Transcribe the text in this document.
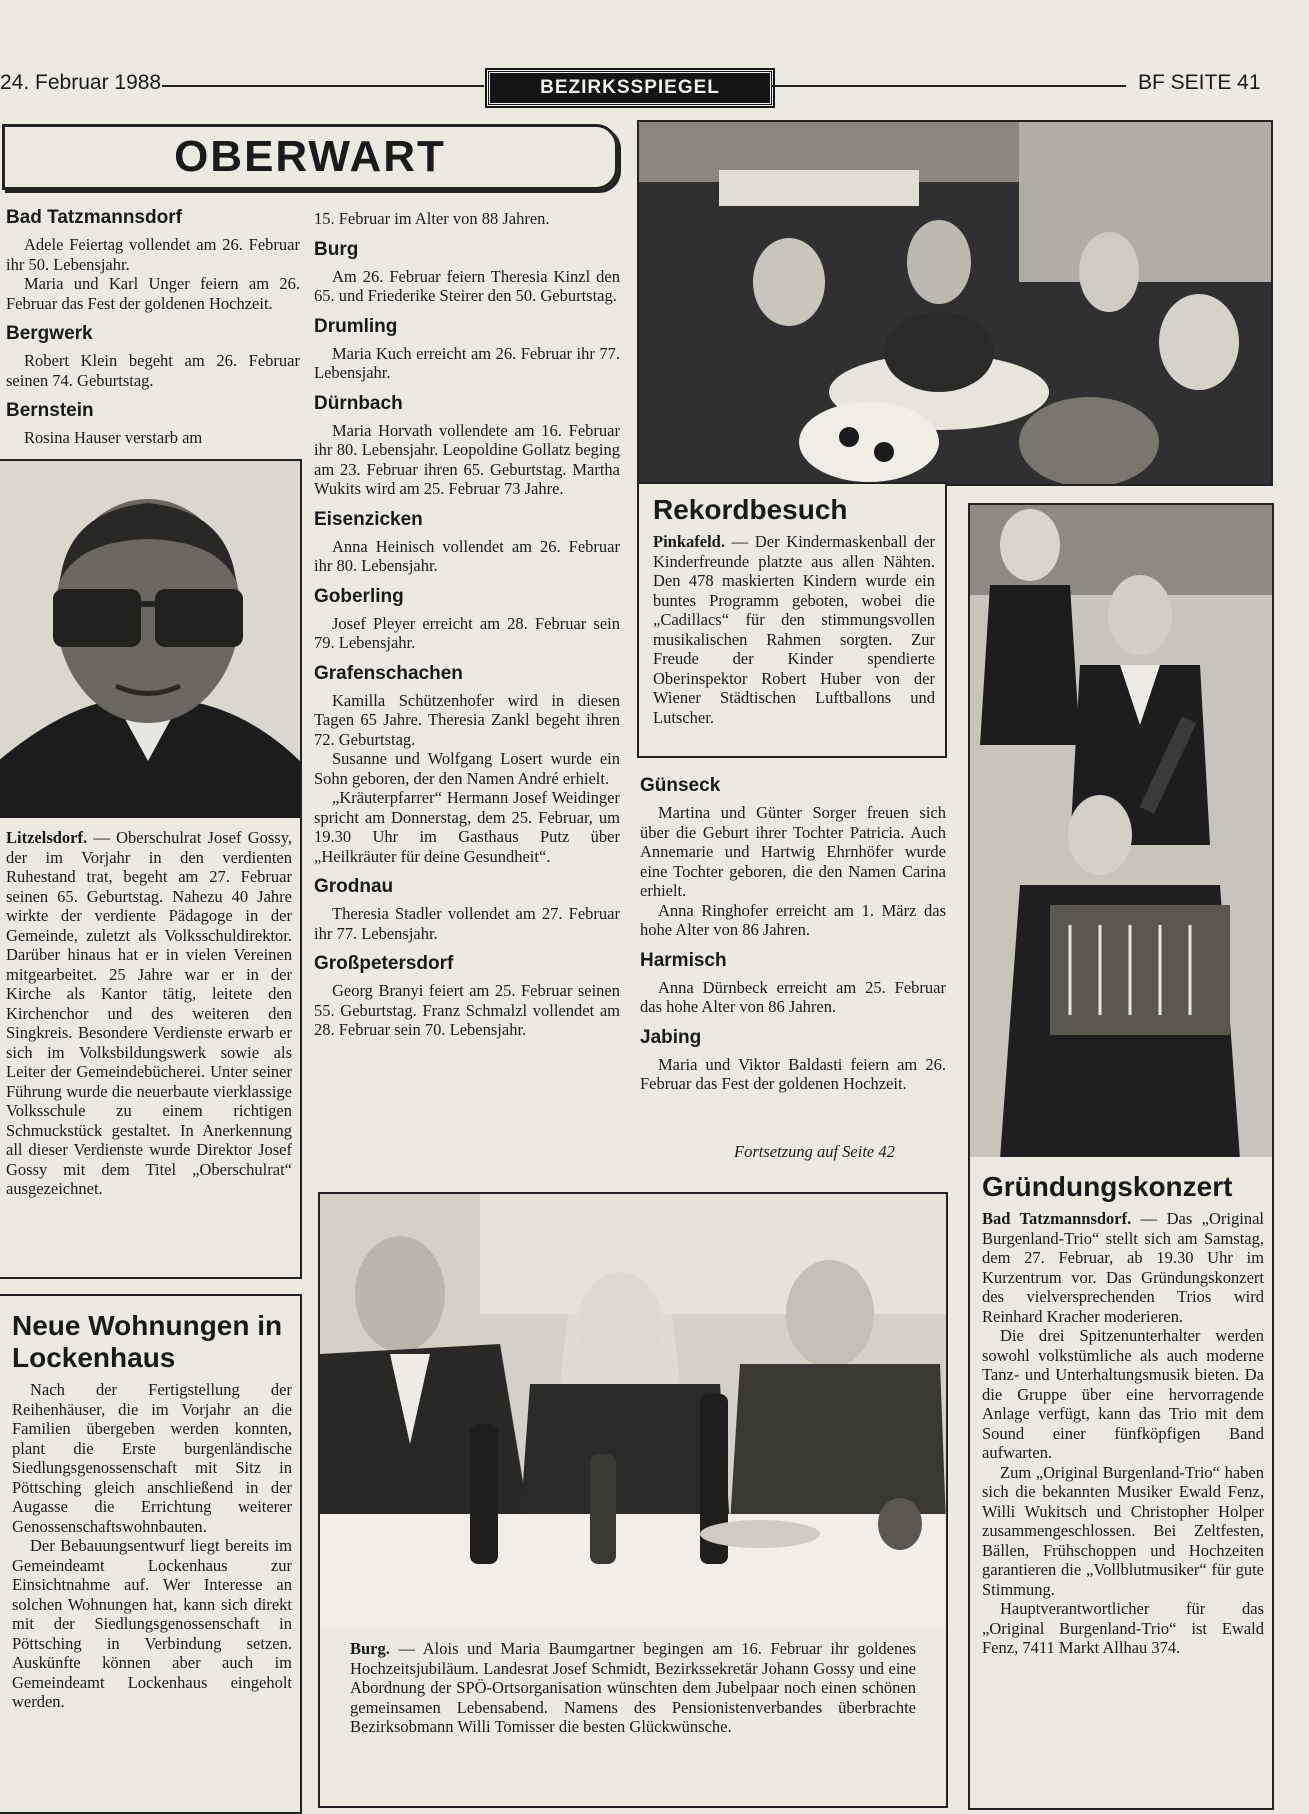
24. Februar 1988	BEZIRKSSPIEGEL	BF SEITE 41
OBERWART
Bad Tatzmannsdorf

Adele Feiertag vollendet am 26. Februar ihr 50. Lebensjahr.

Maria und Karl Unger feiern am 26. Februar das Fest der goldenen Hochzeit.

Bergwerk

Robert Klein begeht am 26. Februar seinen 74. Geburtstag.

Bernstein

Rosina Hauser verstarb am

Litzelsdorf. — Oberschulrat Josef Gossy, der im Vorjahr in den verdienten Ruhestand trat, begeht am 27. Februar seinen 65. Geburtstag. Nahezu 40 Jahre wirkte der verdiente Pädagoge in der Gemeinde, zuletzt als Volksschuldirektor. Darüber hinaus hat er in vielen Vereinen mitgearbeitet. 25 Jahre war er in der Kirche als Kantor tätig, leitete den Kirchenchor und des weiteren den Singkreis. Besondere Verdienste erwarb er sich im Volksbildungswerk sowie als Leiter der Gemeindebücherei. Unter seiner Führung wurde die neuerbaute vierklassige Volksschule zu einem richtigen Schmuckstück gestaltet. In Anerkennung all dieser Verdienste wurde Direktor Josef Gossy mit dem Titel „Oberschulrat“ ausgezeichnet.

Neue Wohnungen in Lockenhaus

Nach der Fertigstellung der Reihenhäuser, die im Vorjahr an die Familien übergeben werden konnten, plant die Erste burgenländische Siedlungsgenossenschaft mit Sitz in Pöttsching gleich anschließend in der Augasse die Errichtung weiterer Genossenschaftswohnbauten.

Der Bebauungsentwurf liegt bereits im Gemeindeamt Lockenhaus zur Einsichtnahme auf. Wer Interesse an solchen Wohnungen hat, kann sich direkt mit der Siedlungsgenossenschaft in Pöttsching in Verbindung setzen. Auskünfte können aber auch im Gemeindeamt Lockenhaus eingeholt werden.

15. Februar im Alter von 88 Jahren.

Burg

Am 26. Februar feiern Theresia Kinzl den 65. und Friederike Steirer den 50. Geburtstag.

Drumling

Maria Kuch erreicht am 26. Februar ihr 77. Lebensjahr.

Dürnbach

Maria Horvath vollendete am 16. Februar ihr 80. Lebensjahr. Leopoldine Gollatz beging am 23. Februar ihren 65. Geburtstag. Martha Wukits wird am 25. Februar 73 Jahre.

Eisenzicken

Anna Heinisch vollendet am 26. Februar ihr 80. Lebensjahr.

Goberling

Josef Pleyer erreicht am 28. Februar sein 79. Lebensjahr.

Grafenschachen

Kamilla Schützenhofer wird in diesen Tagen 65 Jahre. Theresia Zankl begeht ihren 72. Geburtstag.

Susanne und Wolfgang Losert wurde ein Sohn geboren, der den Namen André erhielt.

„Kräuterpfarrer“ Hermann Josef Weidinger spricht am Donnerstag, dem 25. Februar, um 19.30 Uhr im Gasthaus Putz über „Heilkräuter für deine Gesundheit“.

Grodnau

Theresia Stadler vollendet am 27. Februar ihr 77. Lebensjahr.

Großpetersdorf

Georg Branyi feiert am 25. Februar seinen 55. Geburtstag. Franz Schmalzl vollendet am 28. Februar sein 70. Lebensjahr.

Rekordbesuch

Pinkafeld. — Der Kindermaskenball der Kinderfreunde platzte aus allen Nähten. Den 478 maskierten Kindern wurde ein buntes Programm geboten, wobei die „Cadillacs“ für den stimmungsvollen musikalischen Rahmen sorgten. Zur Freude der Kinder spendierte Oberinspektor Robert Huber von der Wiener Städtischen Luftballons und Lutscher.

Günseck

Martina und Günter Sorger freuen sich über die Geburt ihrer Tochter Patricia. Auch Annemarie und Hartwig Ehrnhöfer wurde eine Tochter geboren, die den Namen Carina erhielt.

Anna Ringhofer erreicht am 1. März das hohe Alter von 86 Jahren.

Harmisch

Anna Dürnbeck erreicht am 25. Februar das hohe Alter von 86 Jahren.

Jabing

Maria und Viktor Baldasti feiern am 26. Februar das Fest der goldenen Hochzeit.

Fortsetzung auf Seite 42

Burg. — Alois und Maria Baumgartner begingen am 16. Februar ihr goldenes Hochzeitsjubiläum. Landesrat Josef Schmidt, Bezirkssekretär Johann Gossy und eine Abordnung der SPÖ-Ortsorganisation wünschten dem Jubelpaar noch einen schönen gemeinsamen Lebensabend. Namens des Pensionistenverbandes überbrachte Bezirksobmann Willi Tomisser die besten Glückwünsche.

Gründungskonzert

Bad Tatzmannsdorf. — Das „Original Burgenland-Trio“ stellt sich am Samstag, dem 27. Februar, ab 19.30 Uhr im Kurzentrum vor. Das Gründungskonzert des vielversprechenden Trios wird Reinhard Kracher moderieren.

Die drei Spitzenunterhalter werden sowohl volkstümliche als auch moderne Tanz- und Unterhaltungsmusik bieten. Da die Gruppe über eine hervorragende Anlage verfügt, kann das Trio mit dem Sound einer fünfköpfigen Band aufwarten.

Zum „Original Burgenland-Trio“ haben sich die bekannten Musiker Ewald Fenz, Willi Wukitsch und Christopher Holper zusammengeschlossen. Bei Zeltfesten, Bällen, Frühschoppen und Hochzeiten garantieren die „Vollblutmusiker“ für gute Stimmung.

Hauptverantwortlicher für das „Original Burgenland-Trio“ ist Ewald Fenz, 7411 Markt Allhau 374.
